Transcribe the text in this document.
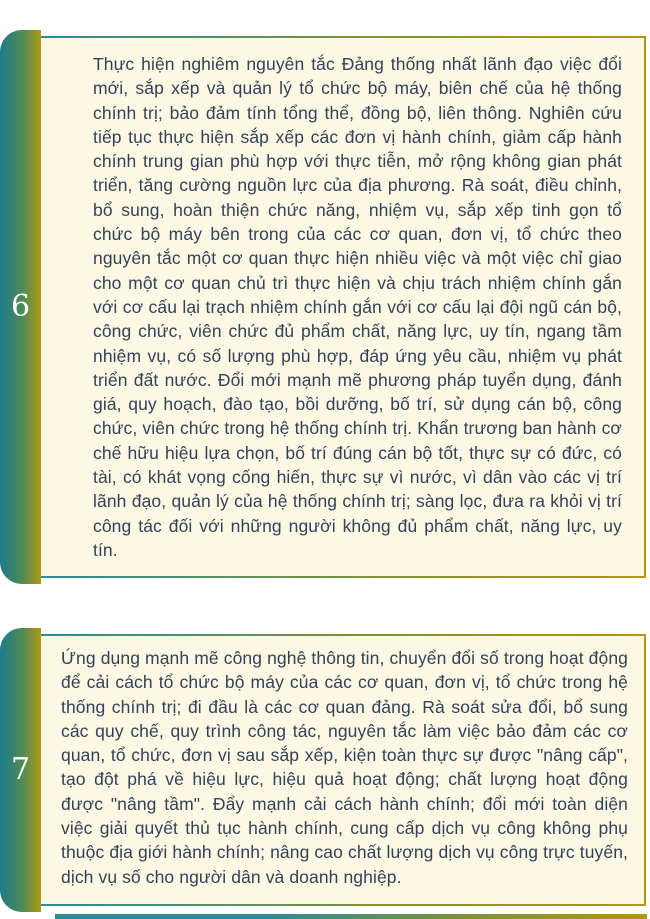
6

Thực hiện nghiêm nguyên tắc Đảng thống nhất lãnh đạo việc đổi mới, sắp xếp và quản lý tổ chức bộ máy, biên chế của hệ thống chính trị; bảo đảm tính tổng thể, đồng bộ, liên thông. Nghiên cứu tiếp tục thực hiện sắp xếp các đơn vị hành chính, giảm cấp hành chính trung gian phù hợp với thực tiễn, mở rộng không gian phát triển, tăng cường nguồn lực của địa phương. Rà soát, điều chỉnh, bổ sung, hoàn thiện chức năng, nhiệm vụ, sắp xếp tinh gọn tổ chức bộ máy bên trong của các cơ quan, đơn vị, tổ chức theo nguyên tắc một cơ quan thực hiện nhiều việc và một việc chỉ giao cho một cơ quan chủ trì thực hiện và chịu trách nhiệm chính gắn với cơ cấu lại trạch nhiệm chính gắn với cơ cấu lại đội ngũ cán bộ, công chức, viên chức đủ phẩm chất, năng lực, uy tín, ngang tầm nhiệm vụ, có số lượng phù hợp, đáp ứng yêu cầu, nhiệm vụ phát triển đất nước. Đổi mới mạnh mẽ phương pháp tuyển dụng, đánh giá, quy hoạch, đào tạo, bồi dưỡng, bố trí, sử dụng cán bộ, công chức, viên chức trong hệ thống chính trị. Khẩn trương ban hành cơ chế hữu hiệu lựa chọn, bố trí đúng cán bộ tốt, thực sự có đức, có tài, có khát vọng cống hiến, thực sự vì nước, vì dân vào các vị trí lãnh đạo, quản lý của hệ thống chính trị; sàng lọc, đưa ra khỏi vị trí công tác đối với những người không đủ phẩm chất, năng lực, uy tín.

7

Ứng dụng mạnh mẽ công nghệ thông tin, chuyển đổi số trong hoạt động để cải cách tổ chức bộ máy của các cơ quan, đơn vị, tổ chức trong hệ thống chính trị; đi đầu là các cơ quan đảng. Rà soát sửa đổi, bổ sung các quy chế, quy trình công tác, nguyên tắc làm việc bảo đảm các cơ quan, tổ chức, đơn vị sau sắp xếp, kiện toàn thực sự được "nâng cấp", tạo đột phá về hiệu lực, hiệu quả hoạt động; chất lượng hoạt động được "nâng tầm". Đẩy mạnh cải cách hành chính; đổi mới toàn diện việc giải quyết thủ tục hành chính, cung cấp dịch vụ công không phụ thuộc địa giới hành chính; nâng cao chất lượng dịch vụ công trực tuyến, dịch vụ số cho người dân và doanh nghiệp.
